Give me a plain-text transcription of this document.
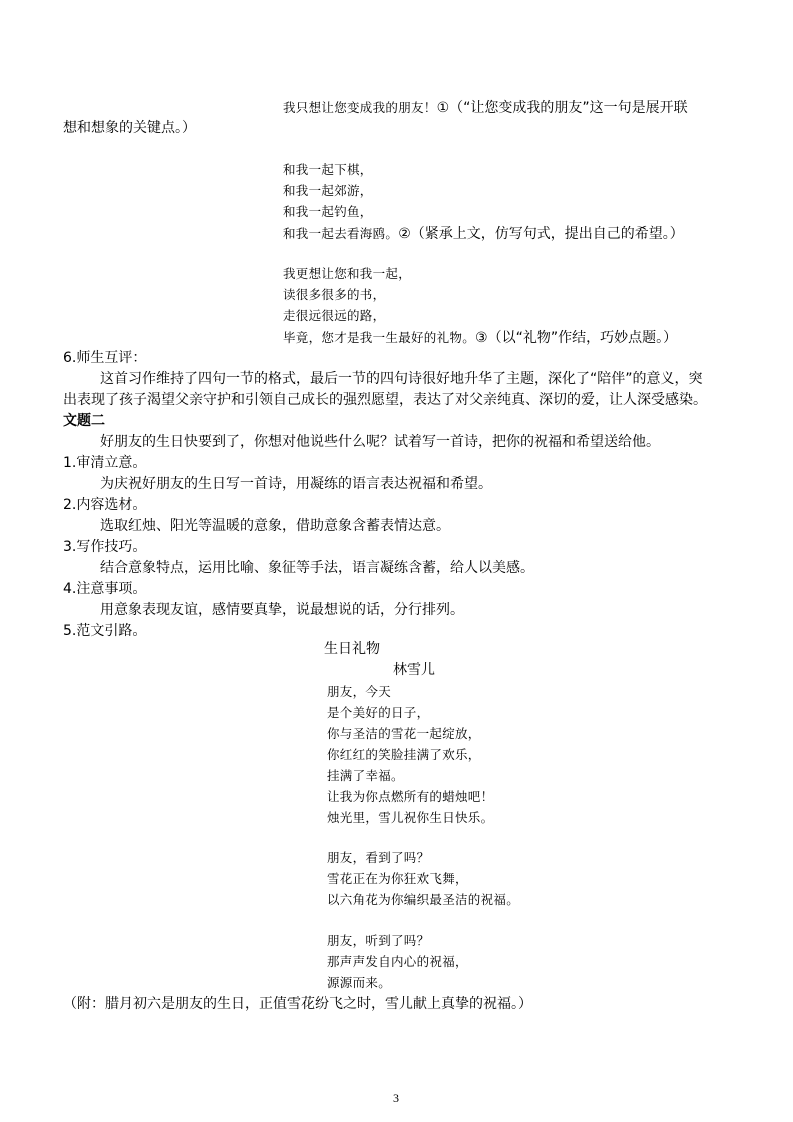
我只想让您变成我的朋友！①（“让您变成我的朋友”这一句是展开联
想和想象的关键点。）
和我一起下棋，
和我一起郊游，
和我一起钓鱼，
和我一起去看海鸥。②（紧承上文，仿写句式，提出自己的希望。）
我更想让您和我一起，
读很多很多的书，
走很远很远的路，
毕竟，您才是我一生最好的礼物。③（以“礼物”作结，巧妙点题。）
6.师生互评：
这首习作维持了四句一节的格式，最后一节的四句诗很好地升华了主题，深化了“陪伴”的意义，突
出表现了孩子渴望父亲守护和引领自己成长的强烈愿望，表达了对父亲纯真、深切的爱，让人深受感染。
文题二
好朋友的生日快要到了，你想对他说些什么呢？试着写一首诗，把你的祝福和希望送给他。
1.审清立意。
为庆祝好朋友的生日写一首诗，用凝练的语言表达祝福和希望。
2.内容选材。
选取红烛、阳光等温暖的意象，借助意象含蓄表情达意。
3.写作技巧。
结合意象特点，运用比喻、象征等手法，语言凝练含蓄，给人以美感。
4.注意事项。
用意象表现友谊，感情要真挚，说最想说的话，分行排列。
5.范文引路。
生日礼物
林雪儿
朋友，今天
是个美好的日子，
你与圣洁的雪花一起绽放，
你红红的笑脸挂满了欢乐，
挂满了幸福。
让我为你点燃所有的蜡烛吧！
烛光里，雪儿祝你生日快乐。
朋友，看到了吗？
雪花正在为你狂欢飞舞，
以六角花为你编织最圣洁的祝福。
朋友，听到了吗？
那声声发自内心的祝福，
源源而来。
（附：腊月初六是朋友的生日，正值雪花纷飞之时，雪儿献上真挚的祝福。）
3
